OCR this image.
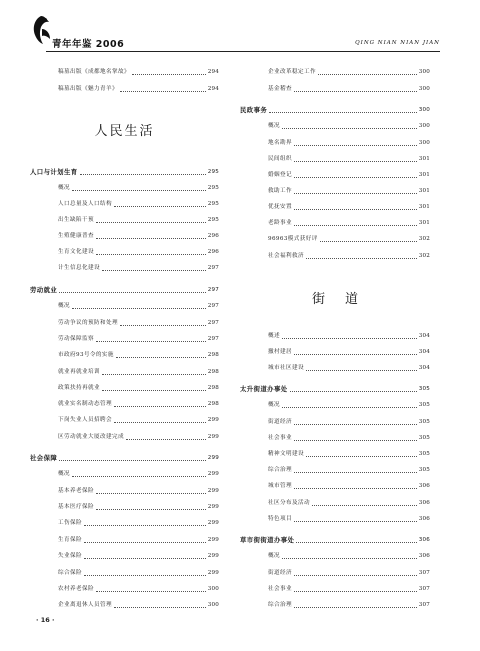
青年年鉴 2006	QING NIAN NIAN JIAN
稿墓出版《成都地名掌故》	294
稿墓出版《魅力青羊》	294
人民生活
人口与计划生育	295
概况	295
人口总量及人口结构	295
出生缺陷干预	295
生殖健康普查	296
生育文化建设	296
计生信息化建设	297
劳动就业	297
概况	297
劳动争议的预防和处理	297
劳动保障监察	297
市政府93号令的实施	298
就业再就业培训	298
政策扶持再就业	298
就业实名制动态管理	298
下岗失业人员招聘会	299
区劳动就业大厦改建完成	299
社会保障	299
概况	299
基本养老保险	299
基本医疗保险	299
工伤保险	299
生育保险	299
失业保险	299
综合保险	299
农村养老保险	300
企业离退休人员管理	300
企业改革稳定工作	300
基金稽查	300
民政事务	300
概况	300
地名勘界	300
民间组织	301
婚姻登记	301
救助工作	301
优抚安置	301
老龄事业	301
96963模式获好评	302
社会福利救济	302
街道
概述	304
撤村建居	304
城市社区建设	304
太升街道办事处	305
概况	305
街道经济	305
社会事业	305
精神文明建设	305
综合治理	305
城市管理	306
社区分布及活动	306
特色项目	306
草市街街道办事处	306
概况	306
街道经济	307
社会事业	307
综合治理	307
· 16 ·
